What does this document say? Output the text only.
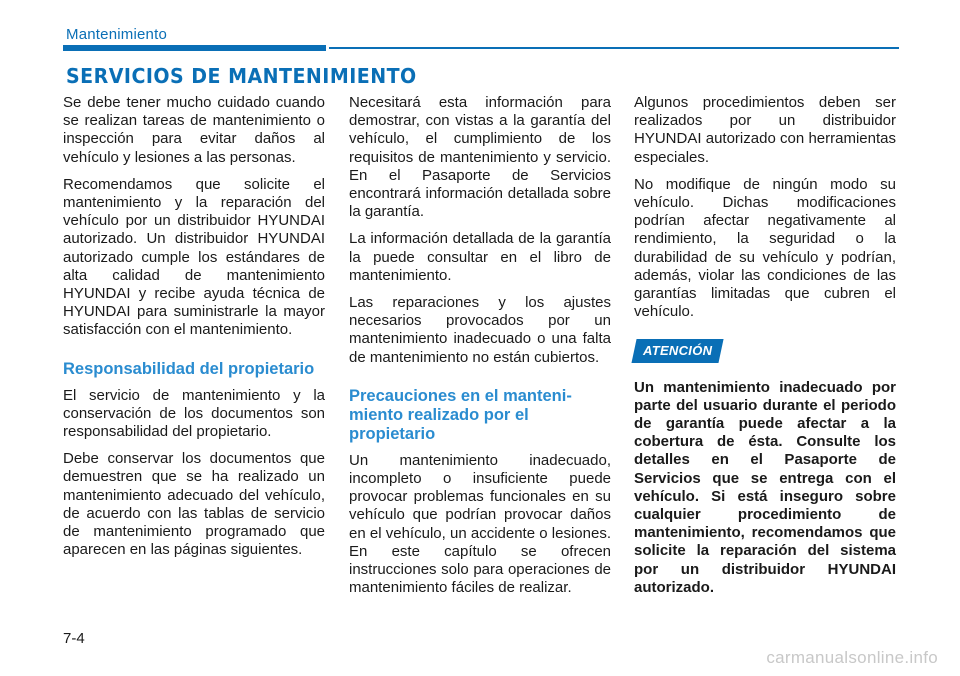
Mantenimiento
SERVICIOS DE MANTENIMIENTO

Se debe tener mucho cuidado cuando se realizan tareas de mantenimiento o inspección para evitar daños al vehículo y lesiones a las personas.

Recomendamos que solicite el mantenimiento y la reparación del vehículo por un distribuidor HYUNDAI autorizado. Un distribuidor HYUNDAI autorizado cumple los estándares de alta calidad de mantenimiento HYUNDAI y recibe ayuda técnica de HYUNDAI para suministrarle la mayor satisfacción con el mantenimiento.

Responsabilidad del propietario

El servicio de mantenimiento y la conservación de los documentos son responsabilidad del propietario.

Debe conservar los documentos que demuestren que se ha realizado un mantenimiento adecuado del vehículo, de acuerdo con las tablas de servicio de mantenimiento programado que aparecen en las páginas siguientes.

Necesitará esta información para demostrar, con vistas a la garantía del vehículo, el cumplimiento de los requisitos de mantenimiento y servicio. En el Pasaporte de Servicios encontrará información detallada sobre la garantía.

La información detallada de la garantía la puede consultar en el libro de mantenimiento.

Las reparaciones y los ajustes necesarios provocados por un mantenimiento inadecuado o una falta de mantenimiento no están cubiertos.

Precauciones en el manteni-miento realizado por el propietario

Un mantenimiento inadecuado, incompleto o insuficiente puede provocar problemas funcionales en su vehículo que podrían provocar daños en el vehículo, un accidente o lesiones. En este capítulo se ofrecen instrucciones solo para operaciones de mantenimiento fáciles de realizar.

Algunos procedimientos deben ser realizados por un distribuidor HYUNDAI autorizado con herramientas especiales.

No modifique de ningún modo su vehículo. Dichas modificaciones podrían afectar negativamente al rendimiento, la seguridad o la durabilidad de su vehículo y podrían, además, violar las condiciones de las garantías limitadas que cubren el vehículo.

ATENCIÓN

Un mantenimiento inadecuado por parte del usuario durante el periodo de garantía puede afectar a la cobertura de ésta. Consulte los detalles en el Pasaporte de Servicios que se entrega con el vehículo. Si está inseguro sobre cualquier procedimiento de mantenimiento, recomendamos que solicite la reparación del sistema por un distribuidor HYUNDAI autorizado.

7-4
carmanualsonline.info
